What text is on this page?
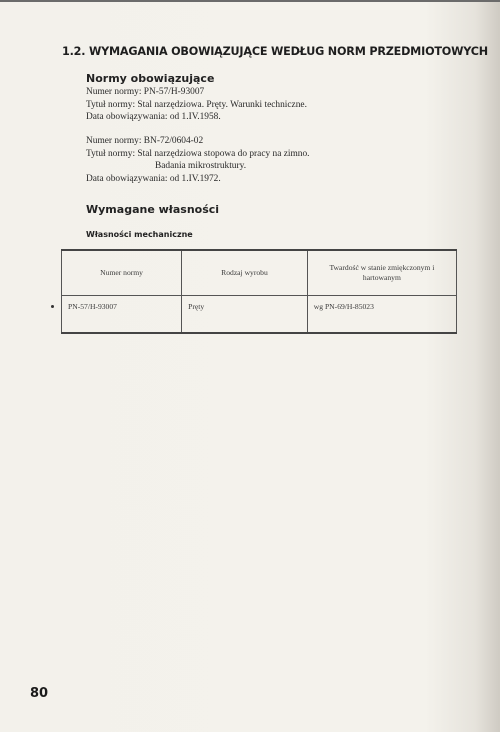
1.2. WYMAGANIA OBOWIĄZUJĄCE WEDŁUG NORM PRZEDMIOTOWYCH
Normy obowiązujące
Numer normy: PN-57/H-93007
Tytuł normy: Stal narzędziowa. Pręty. Warunki techniczne.
Data obowiązywania: od 1.IV.1958.
Numer normy: BN-72/0604-02
Tytuł normy: Stal narzędziowa stopowa do pracy na zimno.
Badania mikrostruktury.
Data obowiązywania: od 1.IV.1972.
Wymagane własności
Własności mechaniczne
Numer normy	Rodzaj wyrobu	Twardość w stanie zmiękczonym i hartowanym
PN-57/H-93007	Pręty	wg PN-69/H-85023
80
